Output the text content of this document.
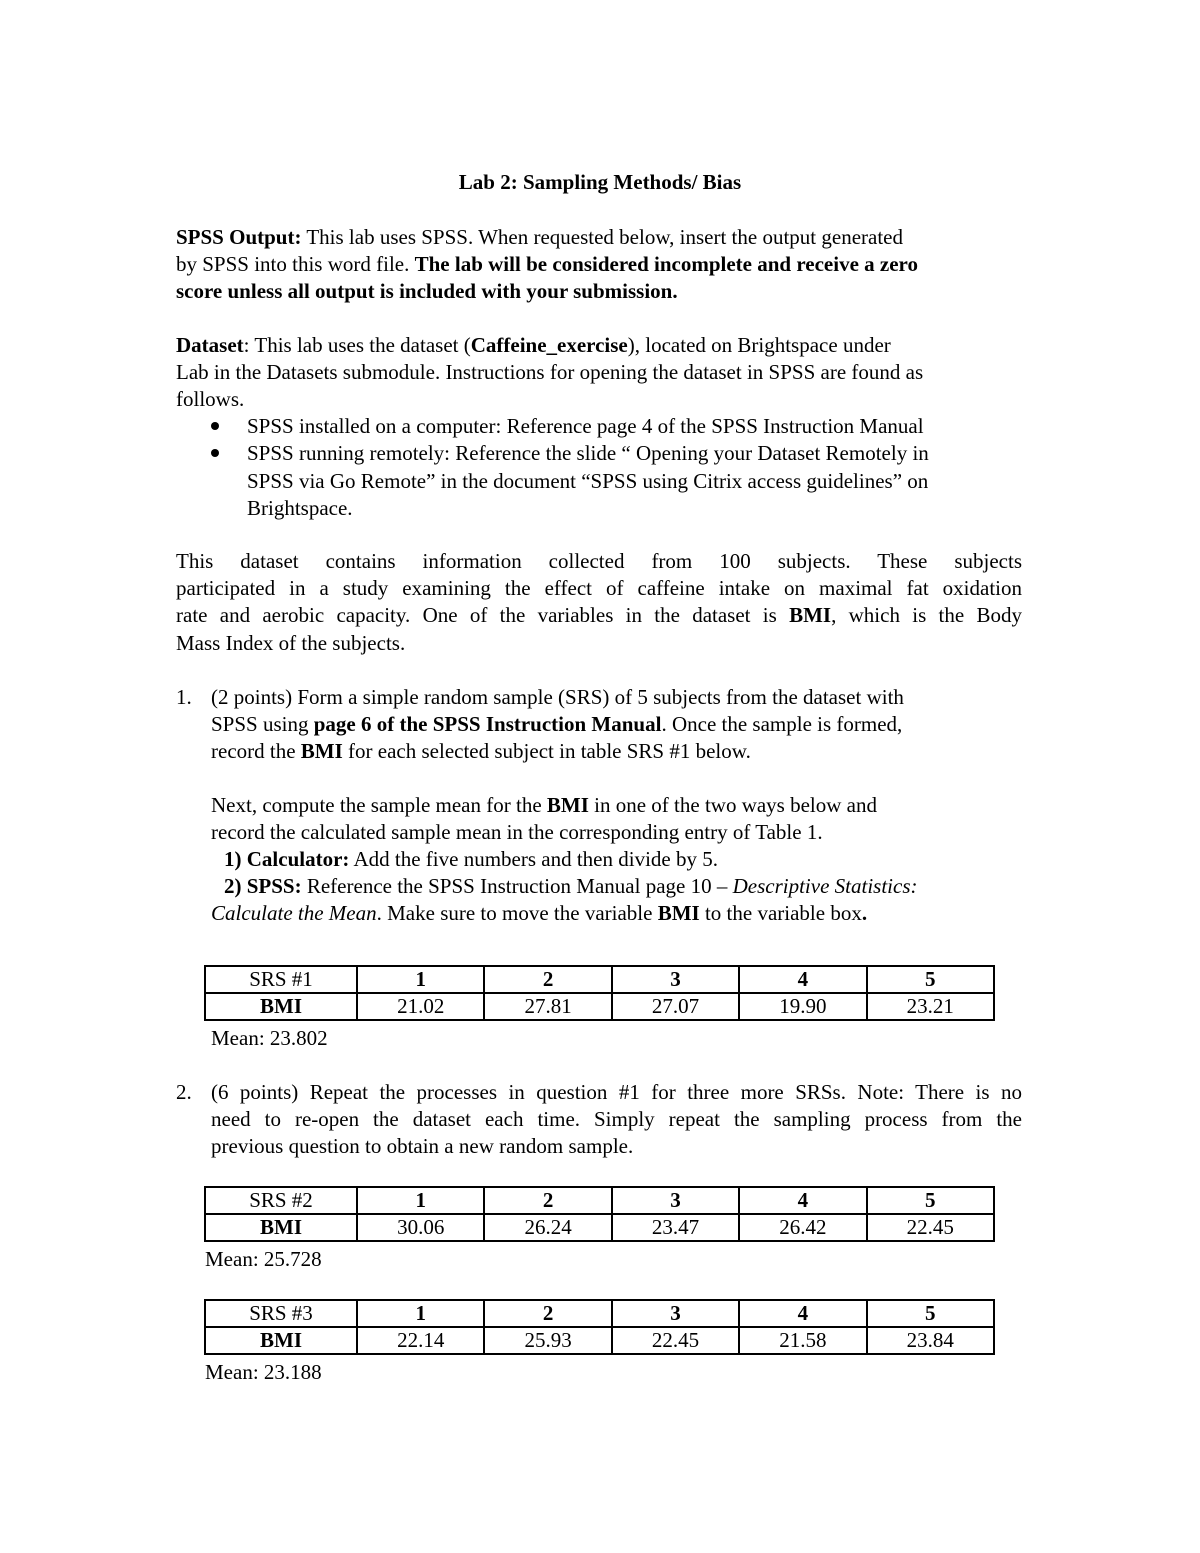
Lab 2: Sampling Methods/ Bias
SPSS Output: This lab uses SPSS. When requested below, insert the output generated
by SPSS into this word file. The lab will be considered incomplete and receive a zero
score unless all output is included with your submission.
Dataset: This lab uses the dataset (Caffeine_exercise), located on Brightspace under
Lab in the Datasets submodule. Instructions for opening the dataset in SPSS are found as
follows.
SPSS installed on a computer: Reference page 4 of the SPSS Instruction Manual
SPSS running remotely: Reference the slide “ Opening your Dataset Remotely in
SPSS via Go Remote” in the document “SPSS using Citrix access guidelines” on
Brightspace.
This dataset contains information collected from 100 subjects. These subjects
participated in a study examining the effect of caffeine intake on maximal fat oxidation
rate and aerobic capacity. One of the variables in the dataset is BMI, which is the Body
Mass Index of the subjects.
1. (2 points) Form a simple random sample (SRS) of 5 subjects from the dataset with
SPSS using page 6 of the SPSS Instruction Manual. Once the sample is formed,
record the BMI for each selected subject in table SRS #1 below.
Next, compute the sample mean for the BMI in one of the two ways below and
record the calculated sample mean in the corresponding entry of Table 1.
1) Calculator: Add the five numbers and then divide by 5.
2) SPSS: Reference the SPSS Instruction Manual page 10 – Descriptive Statistics:
Calculate the Mean. Make sure to move the variable BMI to the variable box.
SRS #1	1	2	3	4	5
BMI	21.02	27.81	27.07	19.90	23.21
Mean: 23.802
2. (6 points) Repeat the processes in question #1 for three more SRSs. Note: There is no
need to re-open the dataset each time. Simply repeat the sampling process from the
previous question to obtain a new random sample.
SRS #2	1	2	3	4	5
BMI	30.06	26.24	23.47	26.42	22.45
Mean: 25.728
SRS #3	1	2	3	4	5
BMI	22.14	25.93	22.45	21.58	23.84
Mean: 23.188
